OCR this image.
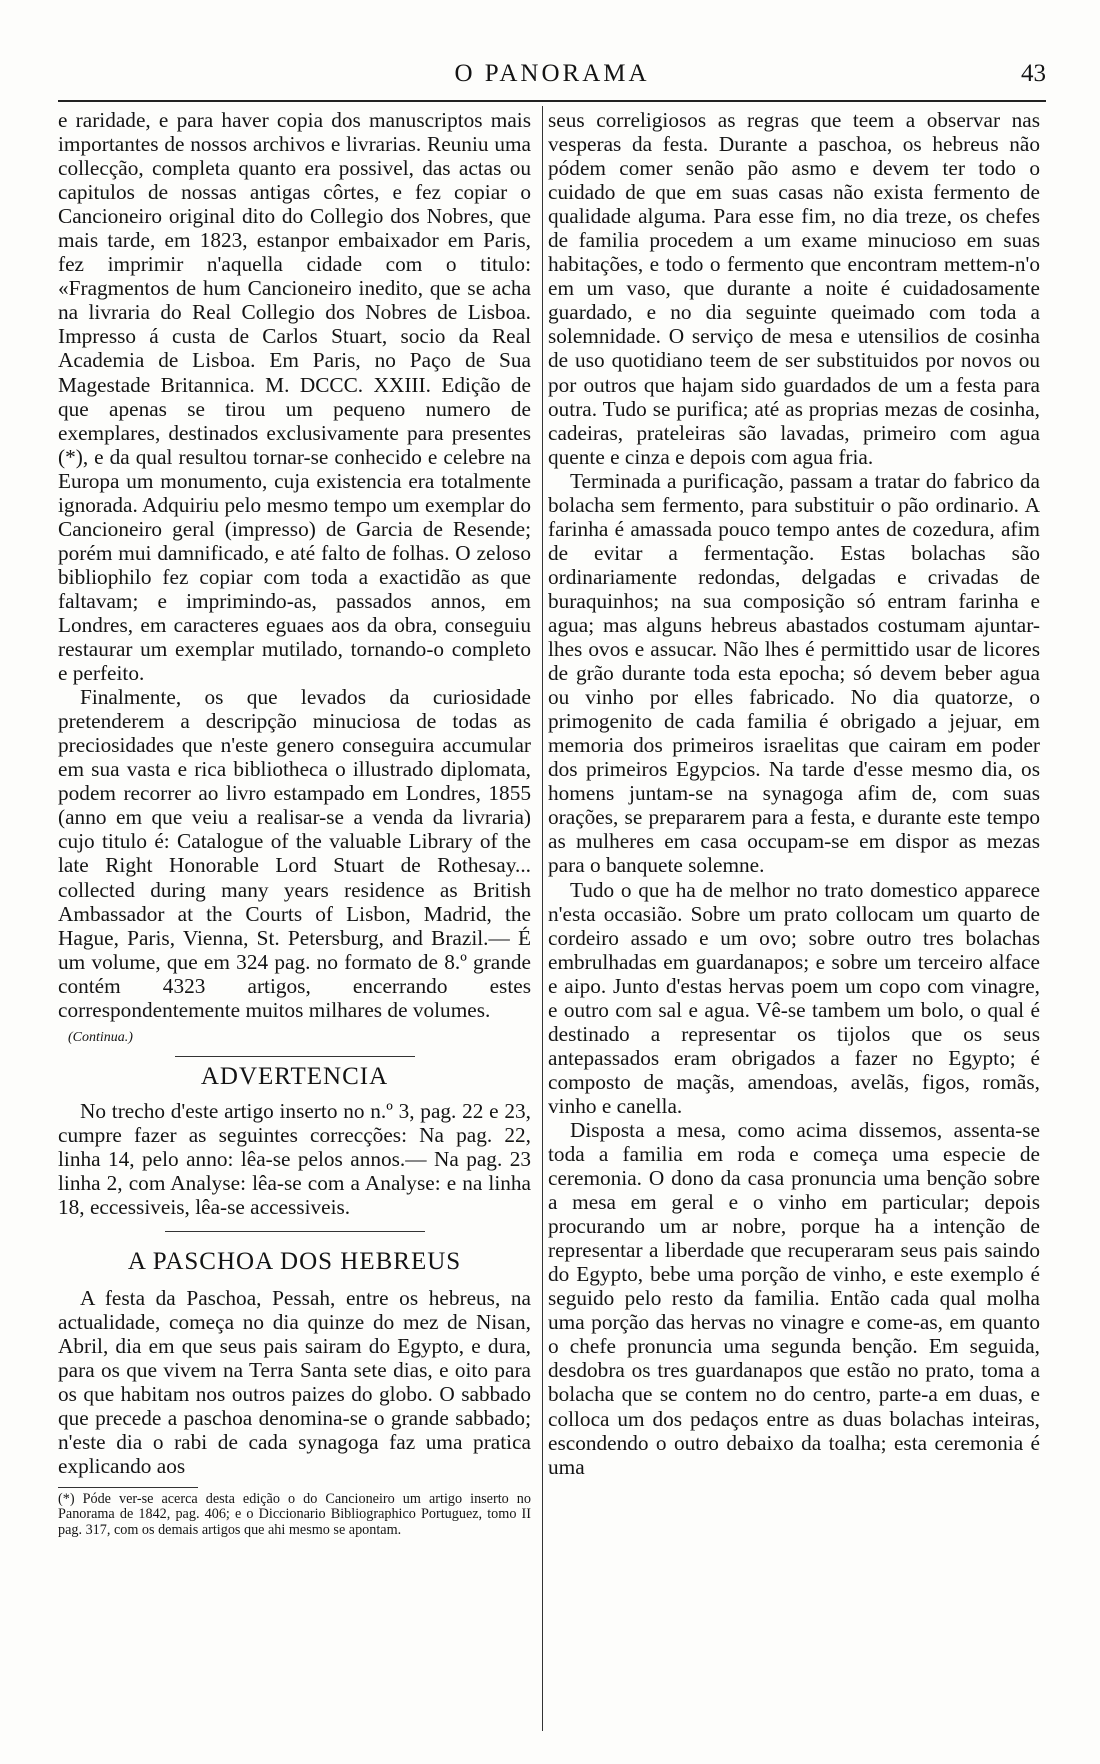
O PANORAMA	43

e raridade, e para haver copia dos manuscriptos mais importantes de nossos archivos e livrarias. Reuniu uma collecção, completa quanto era possivel, das actas ou capitulos de nossas antigas côrtes, e fez copiar o Cancioneiro original dito do Collegio dos Nobres, que mais tarde, em 1823, estanpor embaixador em Paris, fez imprimir n'aquella cidade com o titulo: «Fragmentos de hum Cancioneiro inedito, que se acha na livraria do Real Collegio dos Nobres de Lisboa. Impresso á custa de Carlos Stuart, socio da Real Academia de Lisboa. Em Paris, no Paço de Sua Magestade Britannica. M. DCCC. XXIII. Edição de que apenas se tirou um pequeno numero de exemplares, destinados exclusivamente para presentes (*), e da qual resultou tornar-se conhecido e celebre na Europa um monumento, cuja existencia era totalmente ignorada. Adquiriu pelo mesmo tempo um exemplar do Cancioneiro geral (impresso) de Garcia de Resende; porém mui damnificado, e até falto de folhas. O zeloso bibliophilo fez copiar com toda a exactidão as que faltavam; e imprimindo-as, passados annos, em Londres, em caracteres eguaes aos da obra, conseguiu restaurar um exemplar mutilado, tornando-o completo e perfeito.

Finalmente, os que levados da curiosidade pretenderem a descripção minuciosa de todas as preciosidades que n'este genero conseguira accumular em sua vasta e rica bibliotheca o illustrado diplomata, podem recorrer ao livro estampado em Londres, 1855 (anno em que veiu a realisar-se a venda da livraria) cujo titulo é: Catalogue of the valuable Library of the late Right Honorable Lord Stuart de Rothesay... collected during many years residence as British Ambassador at the Courts of Lisbon, Madrid, the Hague, Paris, Vienna, St. Petersburg, and Brazil.— É um volume, que em 324 pag. no formato de 8.º grande contém 4323 artigos, encerrando estes correspondentemente muitos milhares de volumes.

(Continua.)
ADVERTENCIA

No trecho d'este artigo inserto no n.º 3, pag. 22 e 23, cumpre fazer as seguintes correcções: Na pag. 22, linha 14, pelo anno: lêa-se pelos annos.— Na pag. 23 linha 2, com Analyse: lêa-se com a Analyse: e na linha 18, eccessiveis, lêa-se accessiveis.

A PASCHOA DOS HEBREUS

A festa da Paschoa, Pessah, entre os hebreus, na actualidade, começa no dia quinze do mez de Nisan, Abril, dia em que seus pais sairam do Egypto, e dura, para os que vivem na Terra Santa sete dias, e oito para os que habitam nos outros paizes do globo. O sabbado que precede a paschoa denomina-se o grande sabbado; n'este dia o rabi de cada synagoga faz uma pratica explicando aos

(*) Póde ver-se acerca desta edição o do Cancioneiro um artigo inserto no Panorama de 1842, pag. 406; e o Diccionario Bibliographico Portuguez, tomo II pag. 317, com os demais artigos que ahi mesmo se apontam.

seus correligiosos as regras que teem a observar nas vesperas da festa. Durante a paschoa, os hebreus não pódem comer senão pão asmo e devem ter todo o cuidado de que em suas casas não exista fermento de qualidade alguma. Para esse fim, no dia treze, os chefes de familia procedem a um exame minucioso em suas habitações, e todo o fermento que encontram mettem-n'o em um vaso, que durante a noite é cuidadosamente guardado, e no dia seguinte queimado com toda a solemnidade. O serviço de mesa e utensilios de cosinha de uso quotidiano teem de ser substituidos por novos ou por outros que hajam sido guardados de um a festa para outra. Tudo se purifica; até as proprias mezas de cosinha, cadeiras, prateleiras são lavadas, primeiro com agua quente e cinza e depois com agua fria.

Terminada a purificação, passam a tratar do fabrico da bolacha sem fermento, para substituir o pão ordinario. A farinha é amassada pouco tempo antes de cozedura, afim de evitar a fermentação. Estas bolachas são ordinariamente redondas, delgadas e crivadas de buraquinhos; na sua composição só entram farinha e agua; mas alguns hebreus abastados costumam ajuntar-lhes ovos e assucar. Não lhes é permittido usar de licores de grão durante toda esta epocha; só devem beber agua ou vinho por elles fabricado. No dia quatorze, o primogenito de cada familia é obrigado a jejuar, em memoria dos primeiros israelitas que cairam em poder dos primeiros Egypcios. Na tarde d'esse mesmo dia, os homens juntam-se na synagoga afim de, com suas orações, se prepararem para a festa, e durante este tempo as mulheres em casa occupam-se em dispor as mezas para o banquete solemne.

Tudo o que ha de melhor no trato domestico apparece n'esta occasião. Sobre um prato collocam um quarto de cordeiro assado e um ovo; sobre outro tres bolachas embrulhadas em guardanapos; e sobre um terceiro alface e aipo. Junto d'estas hervas poem um copo com vinagre, e outro com sal e agua. Vê-se tambem um bolo, o qual é destinado a representar os tijolos que os seus antepassados eram obrigados a fazer no Egypto; é composto de maçãs, amendoas, avelãs, figos, romãs, vinho e canella.

Disposta a mesa, como acima dissemos, assenta-se toda a familia em roda e começa uma especie de ceremonia. O dono da casa pronuncia uma benção sobre a mesa em geral e o vinho em particular; depois procurando um ar nobre, porque ha a intenção de representar a liberdade que recuperaram seus pais saindo do Egypto, bebe uma porção de vinho, e este exemplo é seguido pelo resto da familia. Então cada qual molha uma porção das hervas no vinagre e come-as, em quanto o chefe pronuncia uma segunda benção. Em seguida, desdobra os tres guardanapos que estão no prato, toma a bolacha que se contem no do centro, parte-a em duas, e colloca um dos pedaços entre as duas bolachas inteiras, escondendo o outro debaixo da toalha; esta ceremonia é uma
